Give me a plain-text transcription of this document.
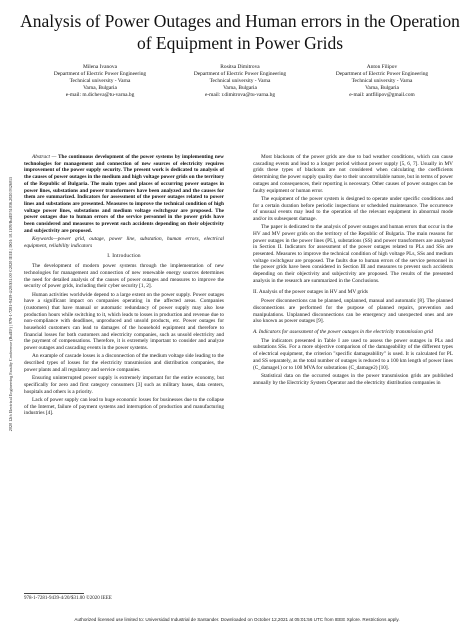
2020 12th Electrical Engineering Faculty Conference (BulEF) | 978-1-7281-9439-4/20/$31.00 ©2020 IEEE | DOI: 10.1109/BulEF51036.2020.9326015
Analysis of Power Outages and Human errors in the Operation of Equipment in Power Grids
Milena Ivanova
Department of Electric Power Engineering
Technical university - Varna
Varna, Bulgaria
e-mail: m.dicheva@tu-varna.bg
Rositsa Dimitrova
Department of Electric Power Engineering
Technical university - Varna
Varna, Bulgaria
e-mail: r.dimitrova@tu-varna.bg
Anton Filipov
Department of Electric Power Engineering
Technical university - Varna
Varna, Bulgaria
e-mail: antfilipov@gmail.com

Abstract — The continuous development of the power systems by implementing new technologies for management and connection of new sources of electricity requires improvement of the power supply security. The present work is dedicated to analysis of the causes of power outages in the medium and high voltage power grids on the territory of the Republic of Bulgaria. The main types and places of occurring power outages in power lines, substations and power transformers have been analyzed and the causes for them are summarized. Indicators for assessment of the power outages related to power lines and substations are presented. Measures to improve the technical condition of high voltage power lines, substations and medium voltage switchgear are proposed. The power outages due to human errors of the service personnel in the power grids have been considered and measures to prevent such accidents depending on their objectivity and subjectivity are proposed.

Keywords—power grid, outage, power line, substation, human errors, electrical equipment, reliability indicators

I. Introduction

The development of modern power systems through the implementation of new technologies for management and connection of new renewable energy sources determines the need for detailed analysis of the causes of power outages and measures to improve the security of power grids, including their cyber security [1, 2].

Human activities worldwide depend to a large extent on the power supply. Power outages have a significant impact on companies operating in the affected areas. Companies (customers) that have manual or automatic redundancy of power supply may also lose production hours while switching to it, which leads to losses in production and revenue due to non-compliance with deadlines, unproduced and unsold products, etc. Power outages for household customers can lead to damages of the household equipment and therefore to financial losses for both customers and electricity companies, such as unsold electricity and the payment of compensations. Therefore, it is extremely important to consider and analyze power outages and cascading events in the power systems.

An example of cascade losses is a disconnection of the medium voltage side leading to the described types of losses for the electricity transmission and distribution companies, the power plants and all regulatory and service companies.

Ensuring uninterrupted power supply is extremely important for the entire economy, but specifically for zero and first category consumers [3] such as military bases, data centers, hospitals and others is a priority.

Lack of power supply can lead to huge economic losses for businesses due to the collapse of the Internet, failure of payment systems and interruption of production and manufacturing industries [4].

Most blackouts of the power grids are due to bad weather conditions, which can cause cascading events and lead to a longer period without power supply [5, 6, 7]. Usually in MV grids these types of blackouts are not considered when calculating the coefficients determining the power supply quality due to their uncontrollable nature, but in terms of power outages and consequences, their reporting is necessary. Other causes of power outages can be faulty equipment or human error.

The equipment of the power system is designed to operate under specific conditions and for a certain duration before periodic inspections or scheduled maintenance. The occurrence of unusual events may lead to the operation of the relevant equipment in abnormal mode and/or its subsequent damage.

The paper is dedicated to the analysis of power outages and human errors that occur in the HV and MV power grids on the territory of the Republic of Bulgaria. The main reasons for power outages in the power lines (PL), substations (SS) and power transformers are analyzed in Section II. Indicators for assessment of the power outages related to PLs and SSs are presented. Measures to improve the technical condition of high voltage PLs, SSs and medium voltage switchgear are proposed. The faults due to human errors of the service personnel in the power grids have been considered in Section III and measures to prevent such accidents depending on their objectivity and subjectivity are proposed. The results of the presented analysis in the research are summarized in the Conclusions.

II. Analysis of the power outages in HV and MV grids

Power disconnections can be planned, unplanned, manual and automatic [8]. The planned disconnections are performed for the purpose of planned repairs, prevention and manipulations. Unplanned disconnections can be emergency and unexpected ones and are also known as power outages [9].

A. Indicators for assessment of the power outages in the electricity transmission grid

The indicators presented in Table I are used to assess the power outages in PLs and substations SSs. For a more objective comparison of the damageability of the different types of electrical equipment, the criterion "specific damageability" is used. It is calculated for PL and SS separately, as the total number of outages is reduced to a 100 km length of power lines (C_damage1) or to 100 MVA for substations (C_damage2) [10].

Statistical data on the occurred outages in the power transmission grids are published annually by the Electricity System Operator and the electricity distribution companies in

978-1-7281-9439-4/20/$31.00 ©2020 IEEE
Authorized licensed use limited to: Universidad Industrial de Santander. Downloaded on October 12,2021 at 05:01:56 UTC from IEEE Xplore. Restrictions apply.
